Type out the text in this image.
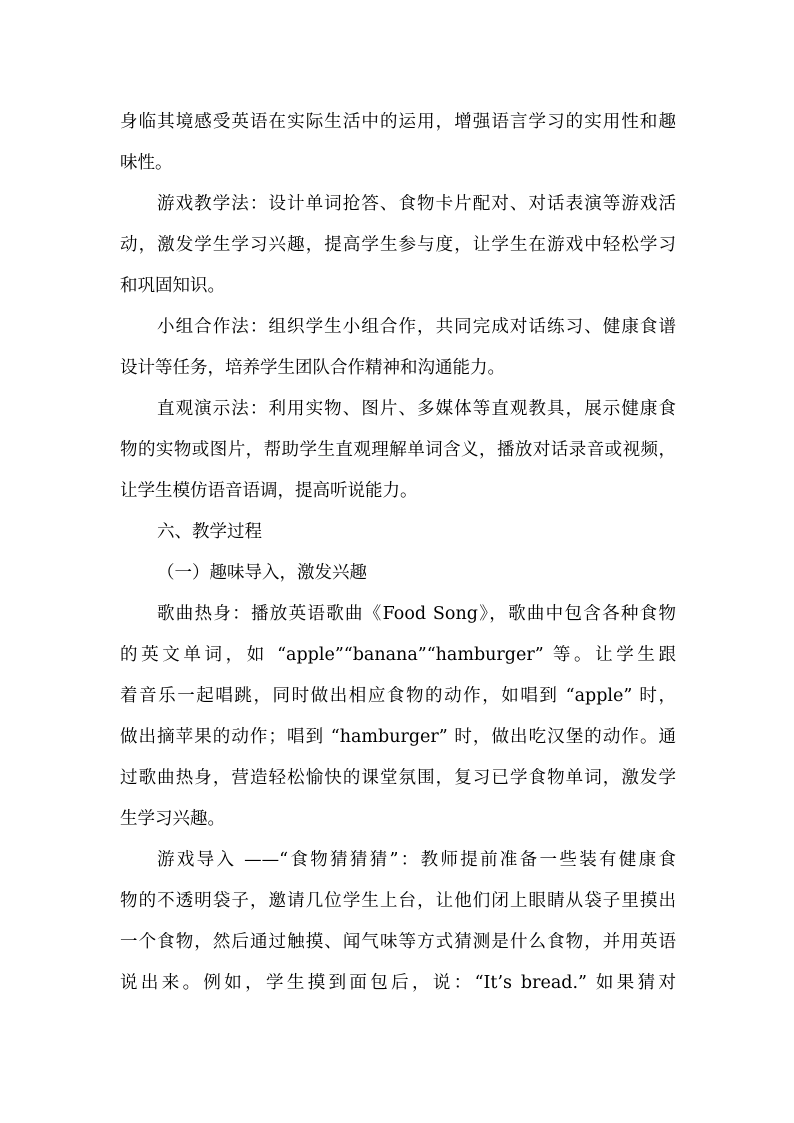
身临其境感受英语在实际生活中的运用，增强语言学习的实用性和趣
味性。
游戏教学法：设计单词抢答、食物卡片配对、对话表演等游戏活
动，激发学生学习兴趣，提高学生参与度，让学生在游戏中轻松学习
和巩固知识。
小组合作法：组织学生小组合作，共同完成对话练习、健康食谱
设计等任务，培养学生团队合作精神和沟通能力。
直观演示法：利用实物、图片、多媒体等直观教具，展示健康食
物的实物或图片，帮助学生直观理解单词含义，播放对话录音或视频，
让学生模仿语音语调，提高听说能力。
六、教学过程
（一）趣味导入，激发兴趣
歌曲热身：播放英语歌曲《Food Song》，歌曲中包含各种食物
的英文单词，如 “apple”“banana”“hamburger” 等。让学生跟
着音乐一起唱跳，同时做出相应食物的动作，如唱到 “apple” 时，
做出摘苹果的动作；唱到 “hamburger” 时，做出吃汉堡的动作。通
过歌曲热身，营造轻松愉快的课堂氛围，复习已学食物单词，激发学
生学习兴趣。
游戏导入 ——“食物猜猜猜”：教师提前准备一些装有健康食
物的不透明袋子，邀请几位学生上台，让他们闭上眼睛从袋子里摸出
一个食物，然后通过触摸、闻气味等方式猜测是什么食物，并用英语
说出来。例如，学生摸到面包后，说：“It’s bread.” 如果猜对
